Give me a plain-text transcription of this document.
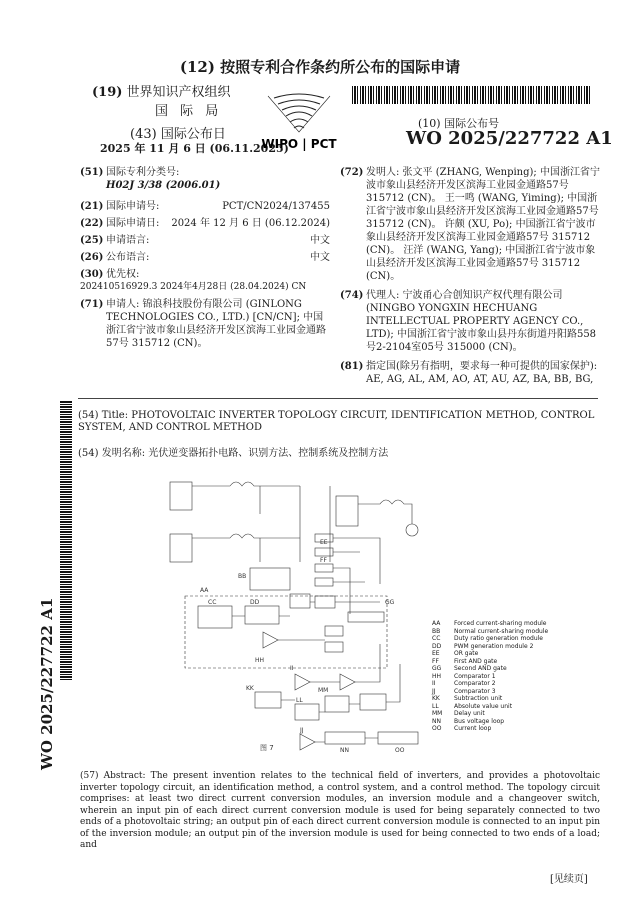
(12) 按照专利合作条约所公布的国际申请
(19) 世界知识产权组织
国 际 局
(43) 国际公布日
2025 年 11 月 6 日 (06.11.2025)
WIPO | PCT
(10) 国际公布号
WO 2025/227722 A1
(51) 国际专利分类号:
H02J 3/38 (2006.01)
(21) 国际申请号:	PCT/CN2024/137455
(22) 国际申请日:	2024 年 12 月 6 日 (06.12.2024)
(25) 申请语言:	中文
(26) 公布语言:	中文
(30) 优先权:
202410516929.3 2024年4月28日 (28.04.2024) CN
(71) 申请人: 锦浪科技股份有限公司 (GINLONG TECHNOLOGIES CO., LTD.) [CN/CN]; 中国浙江省宁波市象山县经济开发区滨海工业园金通路57号 315712 (CN)。
(72) 发明人: 张文平 (ZHANG, Wenping); 中国浙江省宁波市象山县经济开发区滨海工业园金通路57号 315712 (CN)。 王一鸣 (WANG, Yiming); 中国浙江省宁波市象山县经济开发区滨海工业园金通路57号 315712 (CN)。 许颇 (XU, Po); 中国浙江省宁波市象山县经济开发区滨海工业园金通路57号 315712 (CN)。 汪洋 (WANG, Yang); 中国浙江省宁波市象山县经济开发区滨海工业园金通路57号 315712 (CN)。
(74) 代理人: 宁波甬心合创知识产权代理有限公司 (NINGBO YONGXIN HECHUANG INTELLECTUAL PROPERTY AGENCY CO., LTD); 中国浙江省宁波市象山县丹东街道丹阳路558号2-2104室05号 315000 (CN)。
(81) 指定国(除另有指明，要求每一种可提供的国家保护): AE, AG, AL, AM, AO, AT, AU, AZ, BA, BB, BG,
WO 2025/227722 A1
(54) Title: PHOTOVOLTAIC INVERTER TOPOLOGY CIRCUIT, IDENTIFICATION METHOD, CONTROL SYSTEM, AND CONTROL METHOD
(54) 发明名称: 光伏逆变器拓扑电路、识别方法、控制系统及控制方法
AA
BB
CC	DD
EE
FF
GG
HH
II
JJ
KK
LL
MM
NN	OO
图 7
AA Forced current-sharing module
BB Normal current-sharing module
CC Duty ratio generation module
DD PWM generation module 2
EE OR gate
FF	First AND gate
GG Second AND gate
HH Comparator 1
II	Comparator 2
JJ	Comparator 3
KK Subtraction unit
LL	Absolute value unit
MM Delay unit
NN Bus voltage loop
OO Current loop
(57) Abstract: The present invention relates to the technical field of inverters, and provides a photovoltaic inverter topology circuit, an identification method, a control system, and a control method. The topology circuit comprises: at least two direct current conversion modules, an inversion module and a changeover switch, wherein an input pin of each direct current conversion module is used for being separately connected to two ends of a photovoltaic string; an output pin of each direct current conversion module is connected to an input pin of the inversion module; an output pin of the inversion module is used for being connected to two ends of a load; and
[见续页]
